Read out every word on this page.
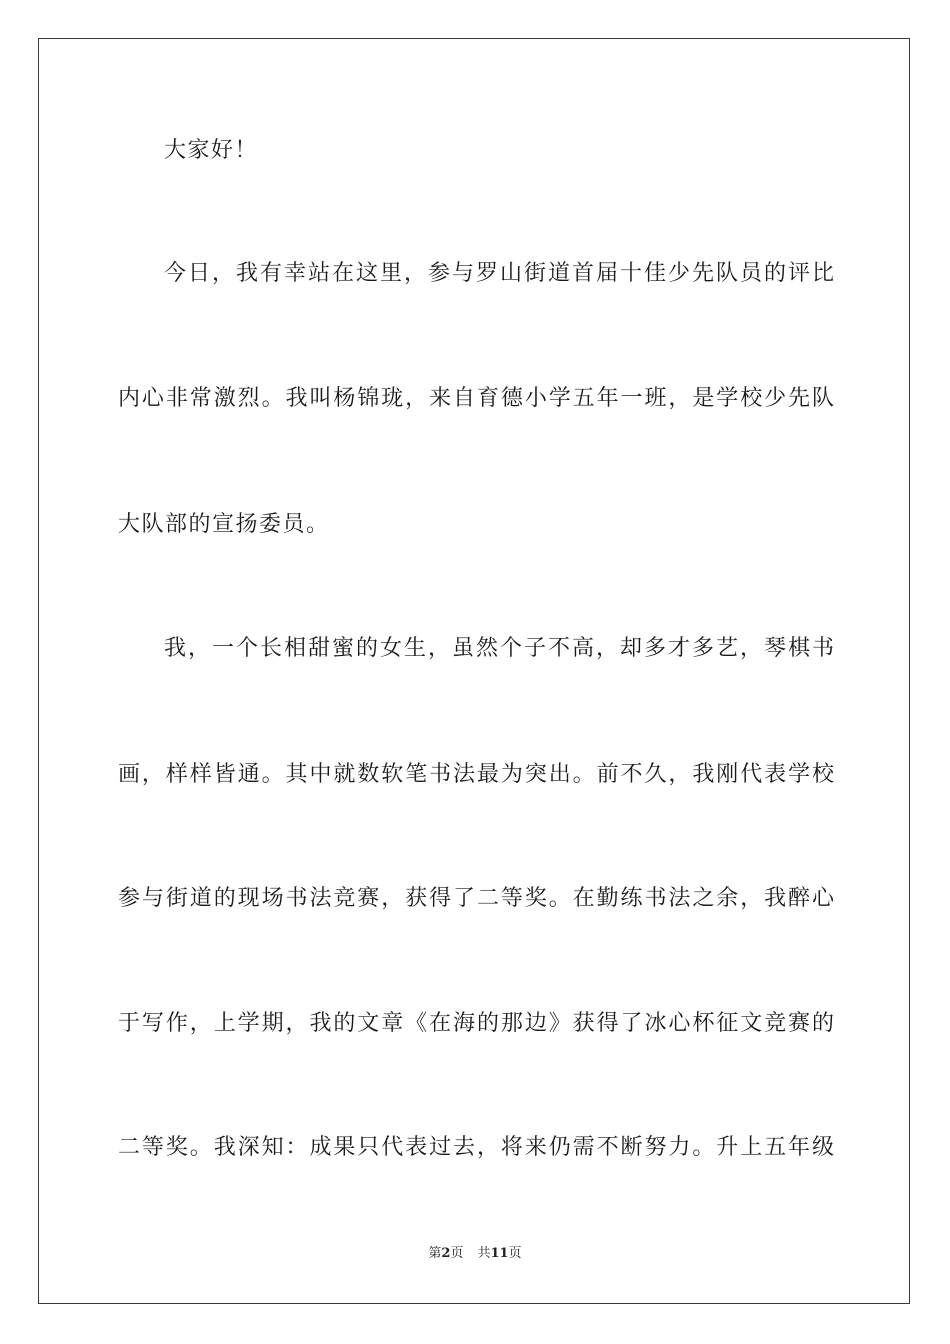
大家好！
今日，我有幸站在这里，参与罗山街道首届十佳少先队员的评比
内心非常激烈。我叫杨锦珑，来自育德小学五年一班，是学校少先队
大队部的宣扬委员。
我，一个长相甜蜜的女生，虽然个子不高，却多才多艺，琴棋书
画，样样皆通。其中就数软笔书法最为突出。前不久，我刚代表学校
参与街道的现场书法竞赛，获得了二等奖。在勤练书法之余，我醉心
于写作，上学期，我的文章《在海的那边》获得了冰心杯征文竞赛的
二等奖。我深知：成果只代表过去，将来仍需不断努力。升上五年级
第2页 共11页
